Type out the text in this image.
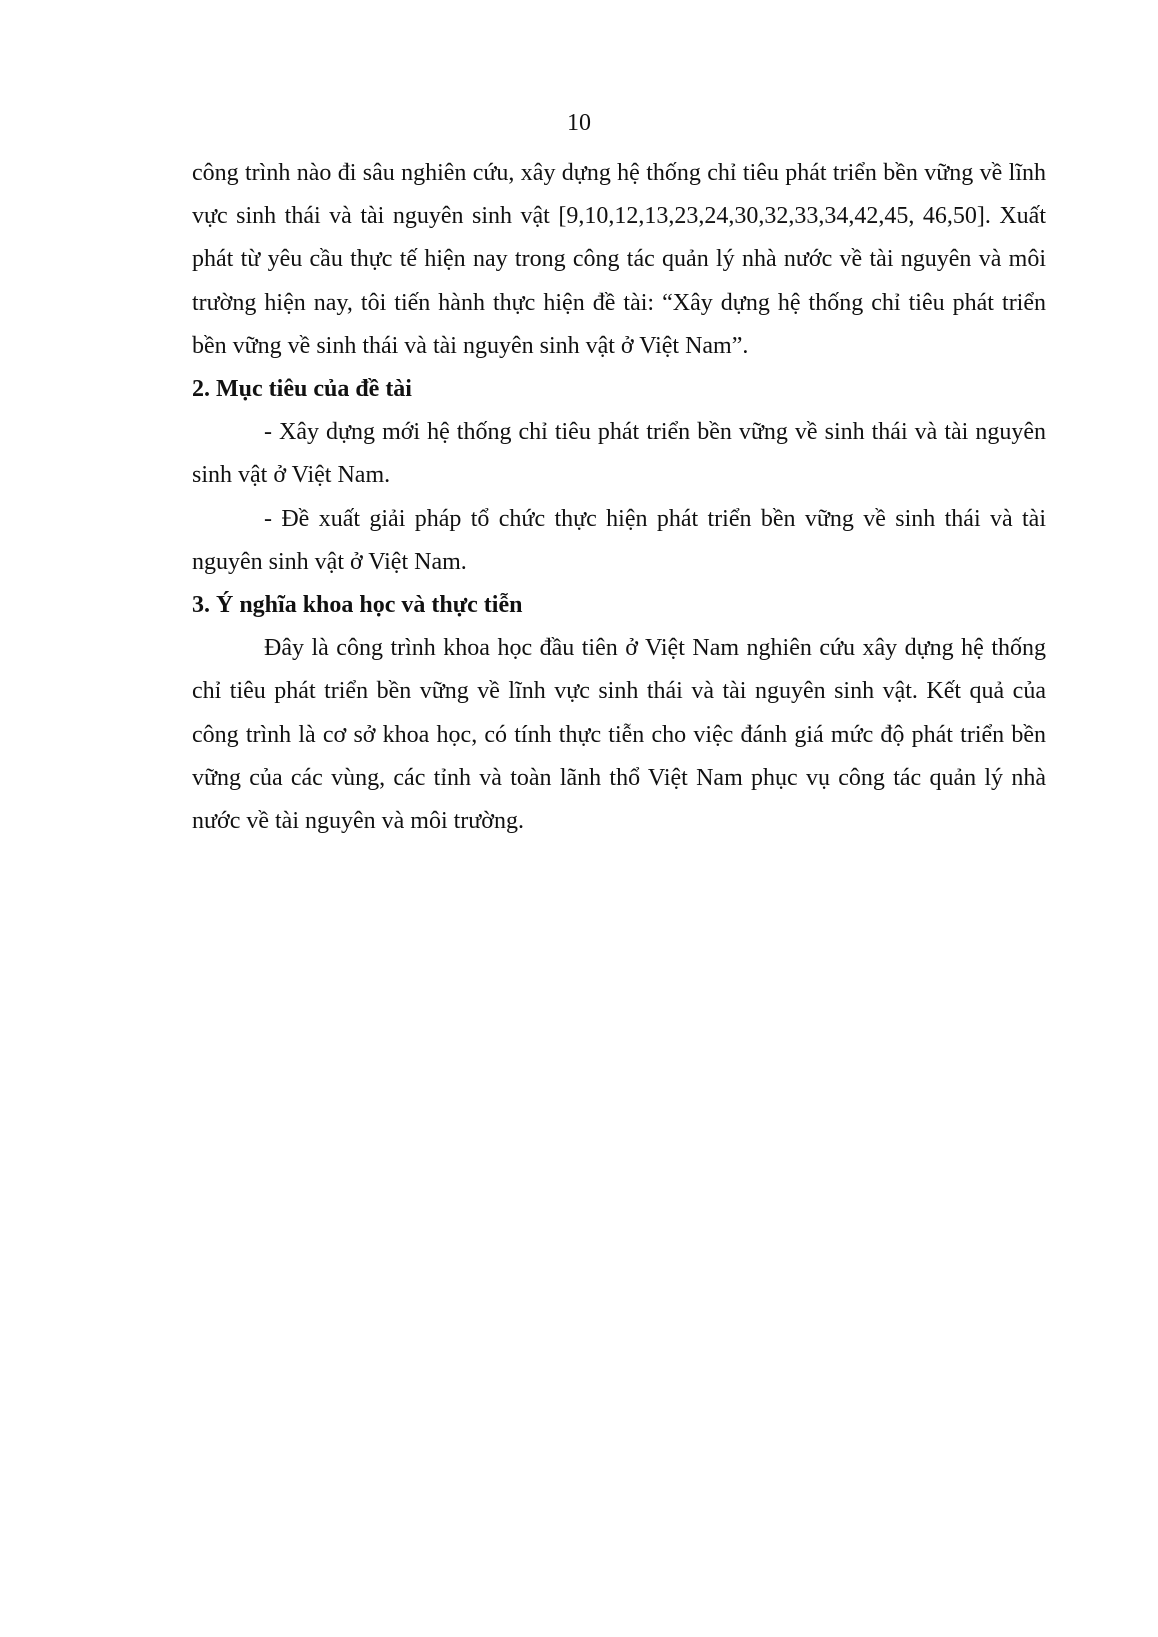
10

công trình nào đi sâu nghiên cứu, xây dựng hệ thống chỉ tiêu phát triển bền vững về lĩnh vực sinh thái và tài nguyên sinh vật [9,10,12,13,23,24,30,32,33,34,42,45, 46,50]. Xuất phát từ yêu cầu thực tế hiện nay trong công tác quản lý nhà nước về tài nguyên và môi trường hiện nay, tôi tiến hành thực hiện đề tài: “Xây dựng hệ thống chỉ tiêu phát triển bền vững về sinh thái và tài nguyên sinh vật ở Việt Nam”.

2. Mục tiêu của đề tài

- Xây dựng mới hệ thống chỉ tiêu phát triển bền vững về sinh thái và tài nguyên sinh vật ở Việt Nam.

- Đề xuất giải pháp tổ chức thực hiện phát triển bền vững về sinh thái và tài nguyên sinh vật ở Việt Nam.

3. Ý nghĩa khoa học và thực tiễn

Đây là công trình khoa học đầu tiên ở Việt Nam nghiên cứu xây dựng hệ thống chỉ tiêu phát triển bền vững về lĩnh vực sinh thái và tài nguyên sinh vật. Kết quả của công trình là cơ sở khoa học, có tính thực tiễn cho việc đánh giá mức độ phát triển bền vững của các vùng, các tỉnh và toàn lãnh thổ Việt Nam phục vụ công tác quản lý nhà nước về tài nguyên và môi trường.
